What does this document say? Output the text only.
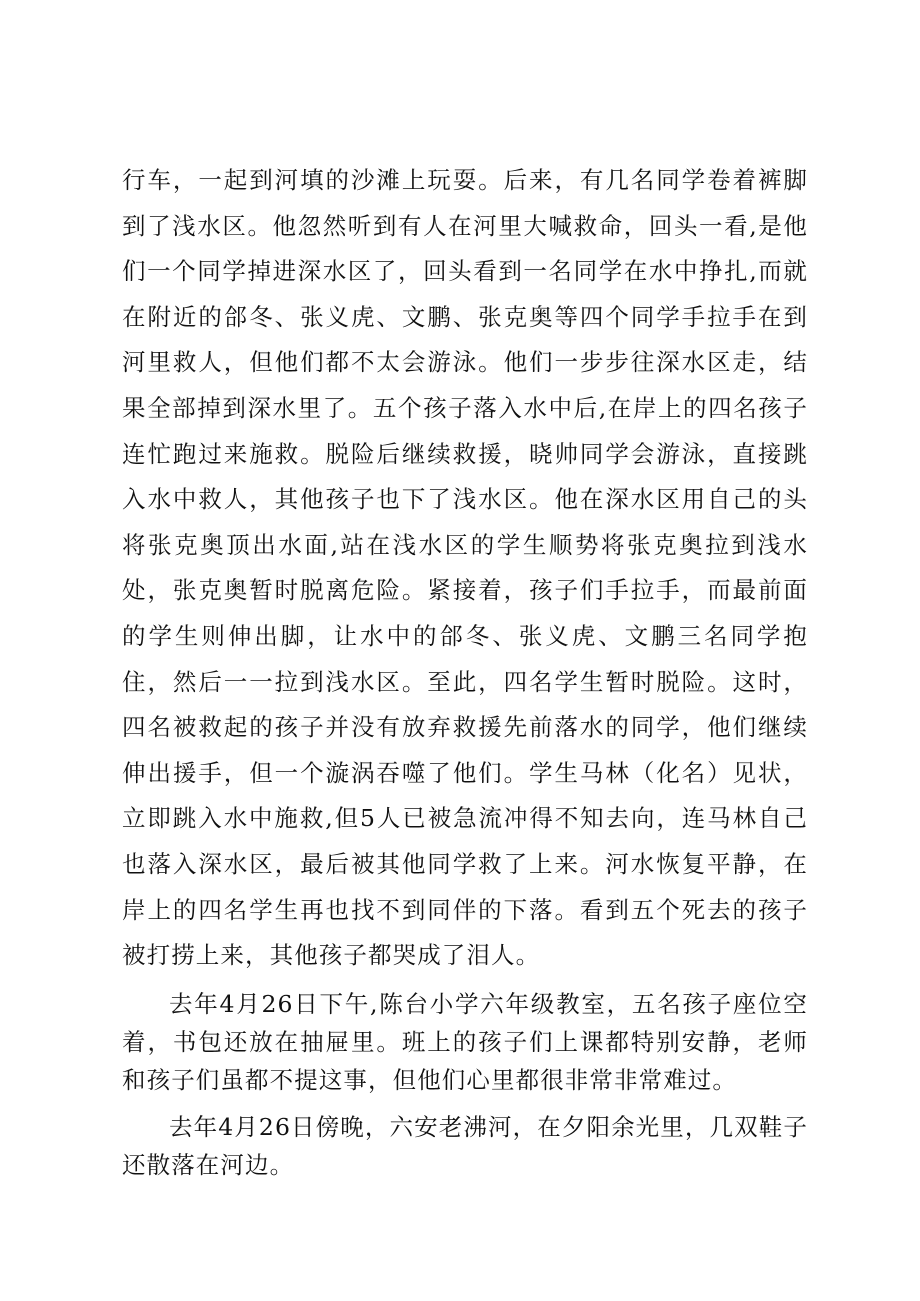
行车，一起到河填的沙滩上玩耍。后来，有几名同学卷着裤脚到了浅水区。他忽然听到有人在河里大喊救命，回头一看,是他们一个同学掉进深水区了，回头看到一名同学在水中挣扎,而就在附近的郃冬、张义虎、文鹏、张克奥等四个同学手拉手在到河里救人，但他们都不太会游泳。他们一步步往深水区走，结果全部掉到深水里了。五个孩子落入水中后,在岸上的四名孩子连忙跑过来施救。脱险后继续救援，晓帅同学会游泳，直接跳入水中救人，其他孩子也下了浅水区。他在深水区用自己的头将张克奥顶出水面,站在浅水区的学生顺势将张克奥拉到浅水处，张克奥暂时脱离危险。紧接着，孩子们手拉手，而最前面的学生则伸出脚，让水中的郃冬、张义虎、文鹏三名同学抱住，然后一一拉到浅水区。至此，四名学生暂时脱险。这时，四名被救起的孩子并没有放弃救援先前落水的同学，他们继续伸出援手，但一个漩涡吞噬了他们。学生马林（化名）见状，立即跳入水中施救,但5人已被急流冲得不知去向，连马林自己也落入深水区，最后被其他同学救了上来。河水恢复平静，在岸上的四名学生再也找不到同伴的下落。看到五个死去的孩子被打捞上来，其他孩子都哭成了泪人。

去年4月26日下午,陈台小学六年级教室，五名孩子座位空着，书包还放在抽屉里。班上的孩子们上课都特别安静，老师和孩子们虽都不提这事，但他们心里都很非常非常难过。

去年4月26日傍晚，六安老沸河，在夕阳余光里，几双鞋子还散落在河边。
